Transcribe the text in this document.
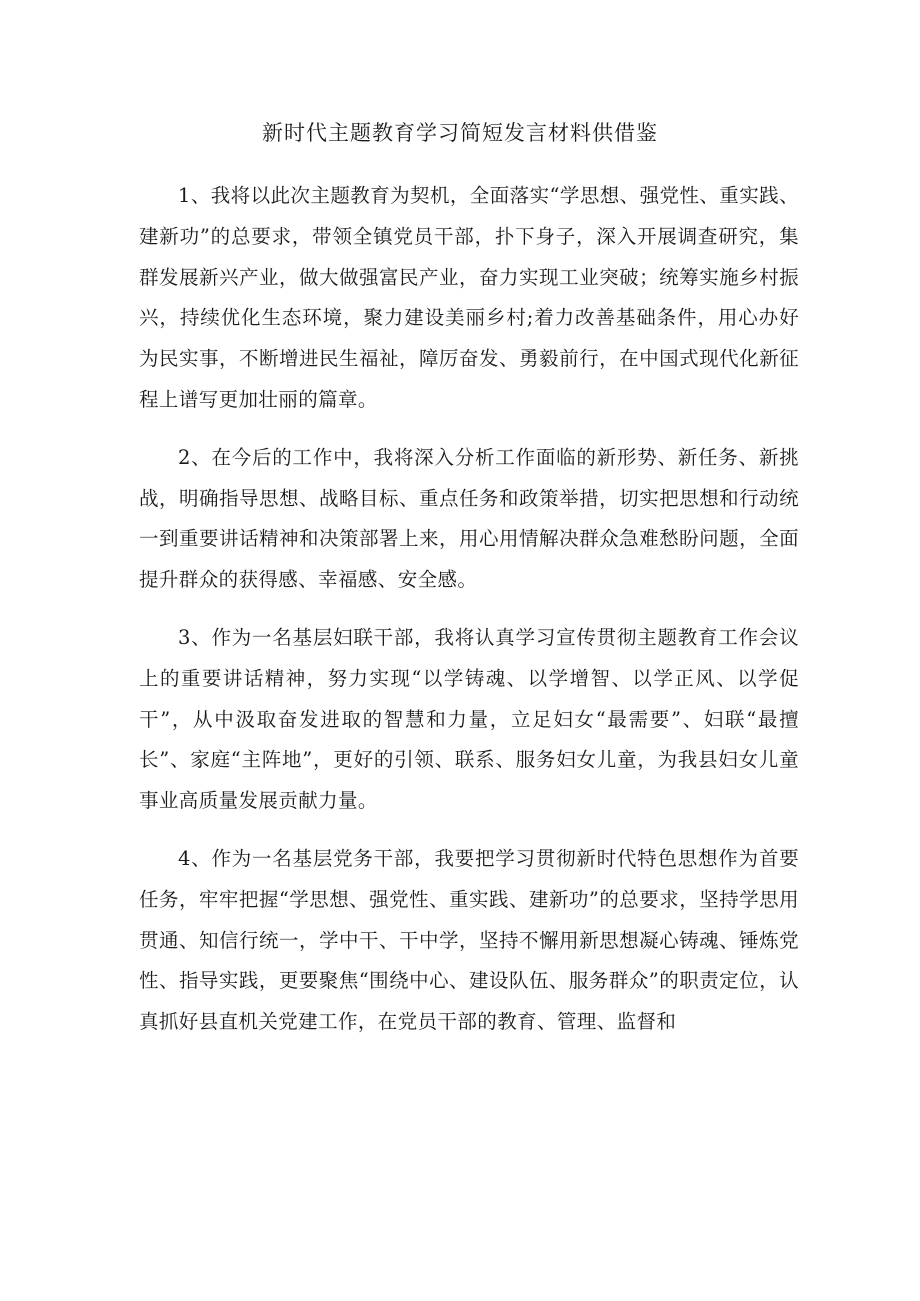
新时代主题教育学习简短发言材料供借鉴

1、我将以此次主题教育为契机，全面落实“学思想、强党性、重实践、建新功”的总要求，带领全镇党员干部，扑下身子，深入开展调查研究，集群发展新兴产业，做大做强富民产业，奋力实现工业突破；统筹实施乡村振兴，持续优化生态环境，聚力建设美丽乡村;着力改善基础条件，用心办好为民实事，不断增进民生福祉，障厉奋发、勇毅前行，在中国式现代化新征程上谱写更加壮丽的篇章。

2、在今后的工作中，我将深入分析工作面临的新形势、新任务、新挑战，明确指导思想、战略目标、重点任务和政策举措，切实把思想和行动统一到重要讲话精神和决策部署上来，用心用情解决群众急难愁盼问题，全面提升群众的获得感、幸福感、安全感。

3、作为一名基层妇联干部，我将认真学习宣传贯彻主题教育工作会议上的重要讲话精神，努力实现“以学铸魂、以学增智、以学正风、以学促干”，从中汲取奋发进取的智慧和力量，立足妇女“最需要”、妇联“最擅长”、家庭“主阵地”，更好的引领、联系、服务妇女儿童，为我县妇女儿童事业高质量发展贡献力量。

4、作为一名基层党务干部，我要把学习贯彻新时代特色思想作为首要任务，牢牢把握“学思想、强党性、重实践、建新功”的总要求，坚持学思用贯通、知信行统一，学中干、干中学，坚持不懈用新思想凝心铸魂、锤炼党性、指导实践，更要聚焦“围绕中心、建设队伍、服务群众”的职责定位，认真抓好县直机关党建工作，在党员干部的教育、管理、监督和
